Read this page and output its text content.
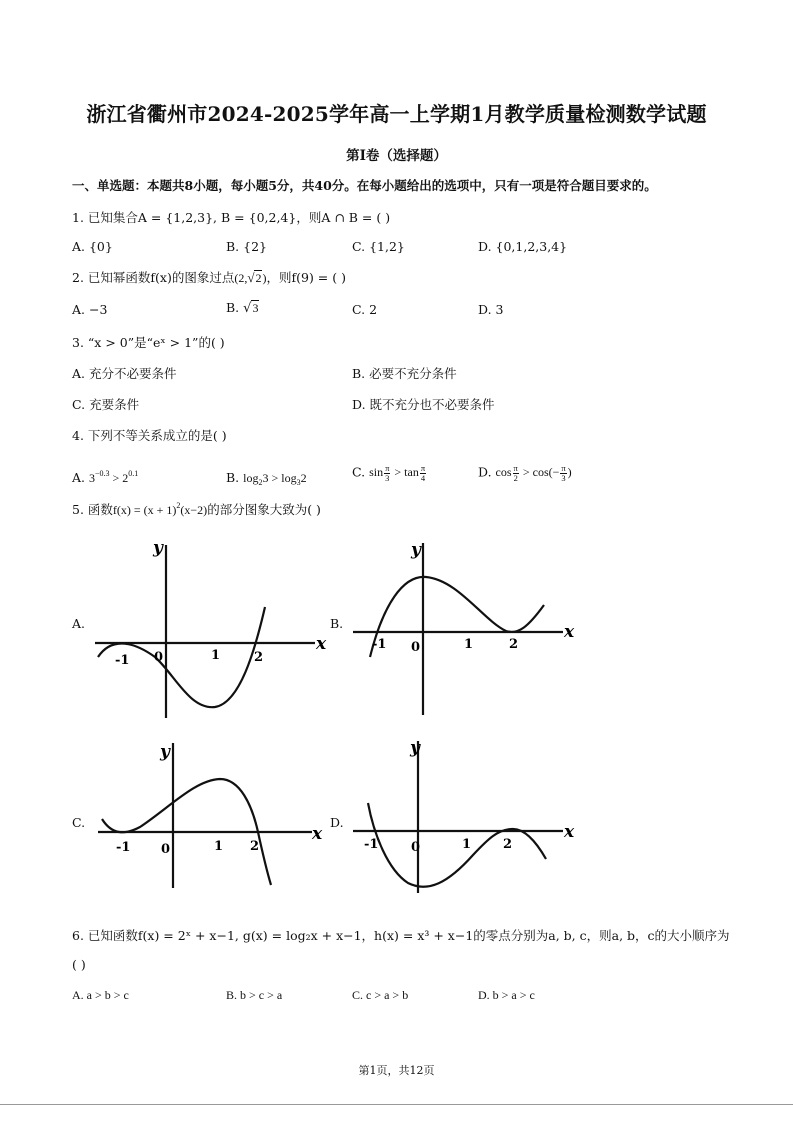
浙江省衢州市2024-2025学年高一上学期1月教学质量检测数学试题
第I卷（选择题）
一、单选题：本题共8小题，每小题5分，共40分。在每小题给出的选项中，只有一项是符合题目要求的。
1. 已知集合A = {1,2,3}, B = {0,2,4}，则A ∩ B = ( )
A. {0}	B. {2}	C. {1,2}	D. {0,1,2,3,4}
2. 已知幂函数f(x)的图象过点(2,√2)，则f(9) = ( )
A. −3	B. √3	C. 2	D. 3
3. “x > 0”是“eˣ > 1”的( )
A. 充分不必要条件	B. 必要不充分条件
C. 充要条件	D. 既不充分也不必要条件
4. 下列不等关系成立的是( )
A. $3^{-0.3} > 2^{0.1}$	B. $\log_23 > \log_32$	C. $\sin \frac{\pi}{3} > \tan \frac{\pi}{4}$	D. $\cos \frac{\pi}{2} > \cos(- \frac{\pi}{3}$ )
5. 函数$f(x) = (x + 1)^2(x-2)$的部分图象大致为( )
A.	B.
C.	D.
x
y
-1 0	1	2
x
y
-1 0	1	2
x
y
-1 0	1 2
x
y
-1	0	1 2
6. 已知函数f(x) = 2ˣ + x−1, g(x) = log₂x + x−1，h(x) = x³ + x−1的零点分别为a, b, c，则a, b，c的大小顺序为
( )
A. a > b > c	B. b > c > a	C. c > a > b	D. b > a > c
第1页，共12页
